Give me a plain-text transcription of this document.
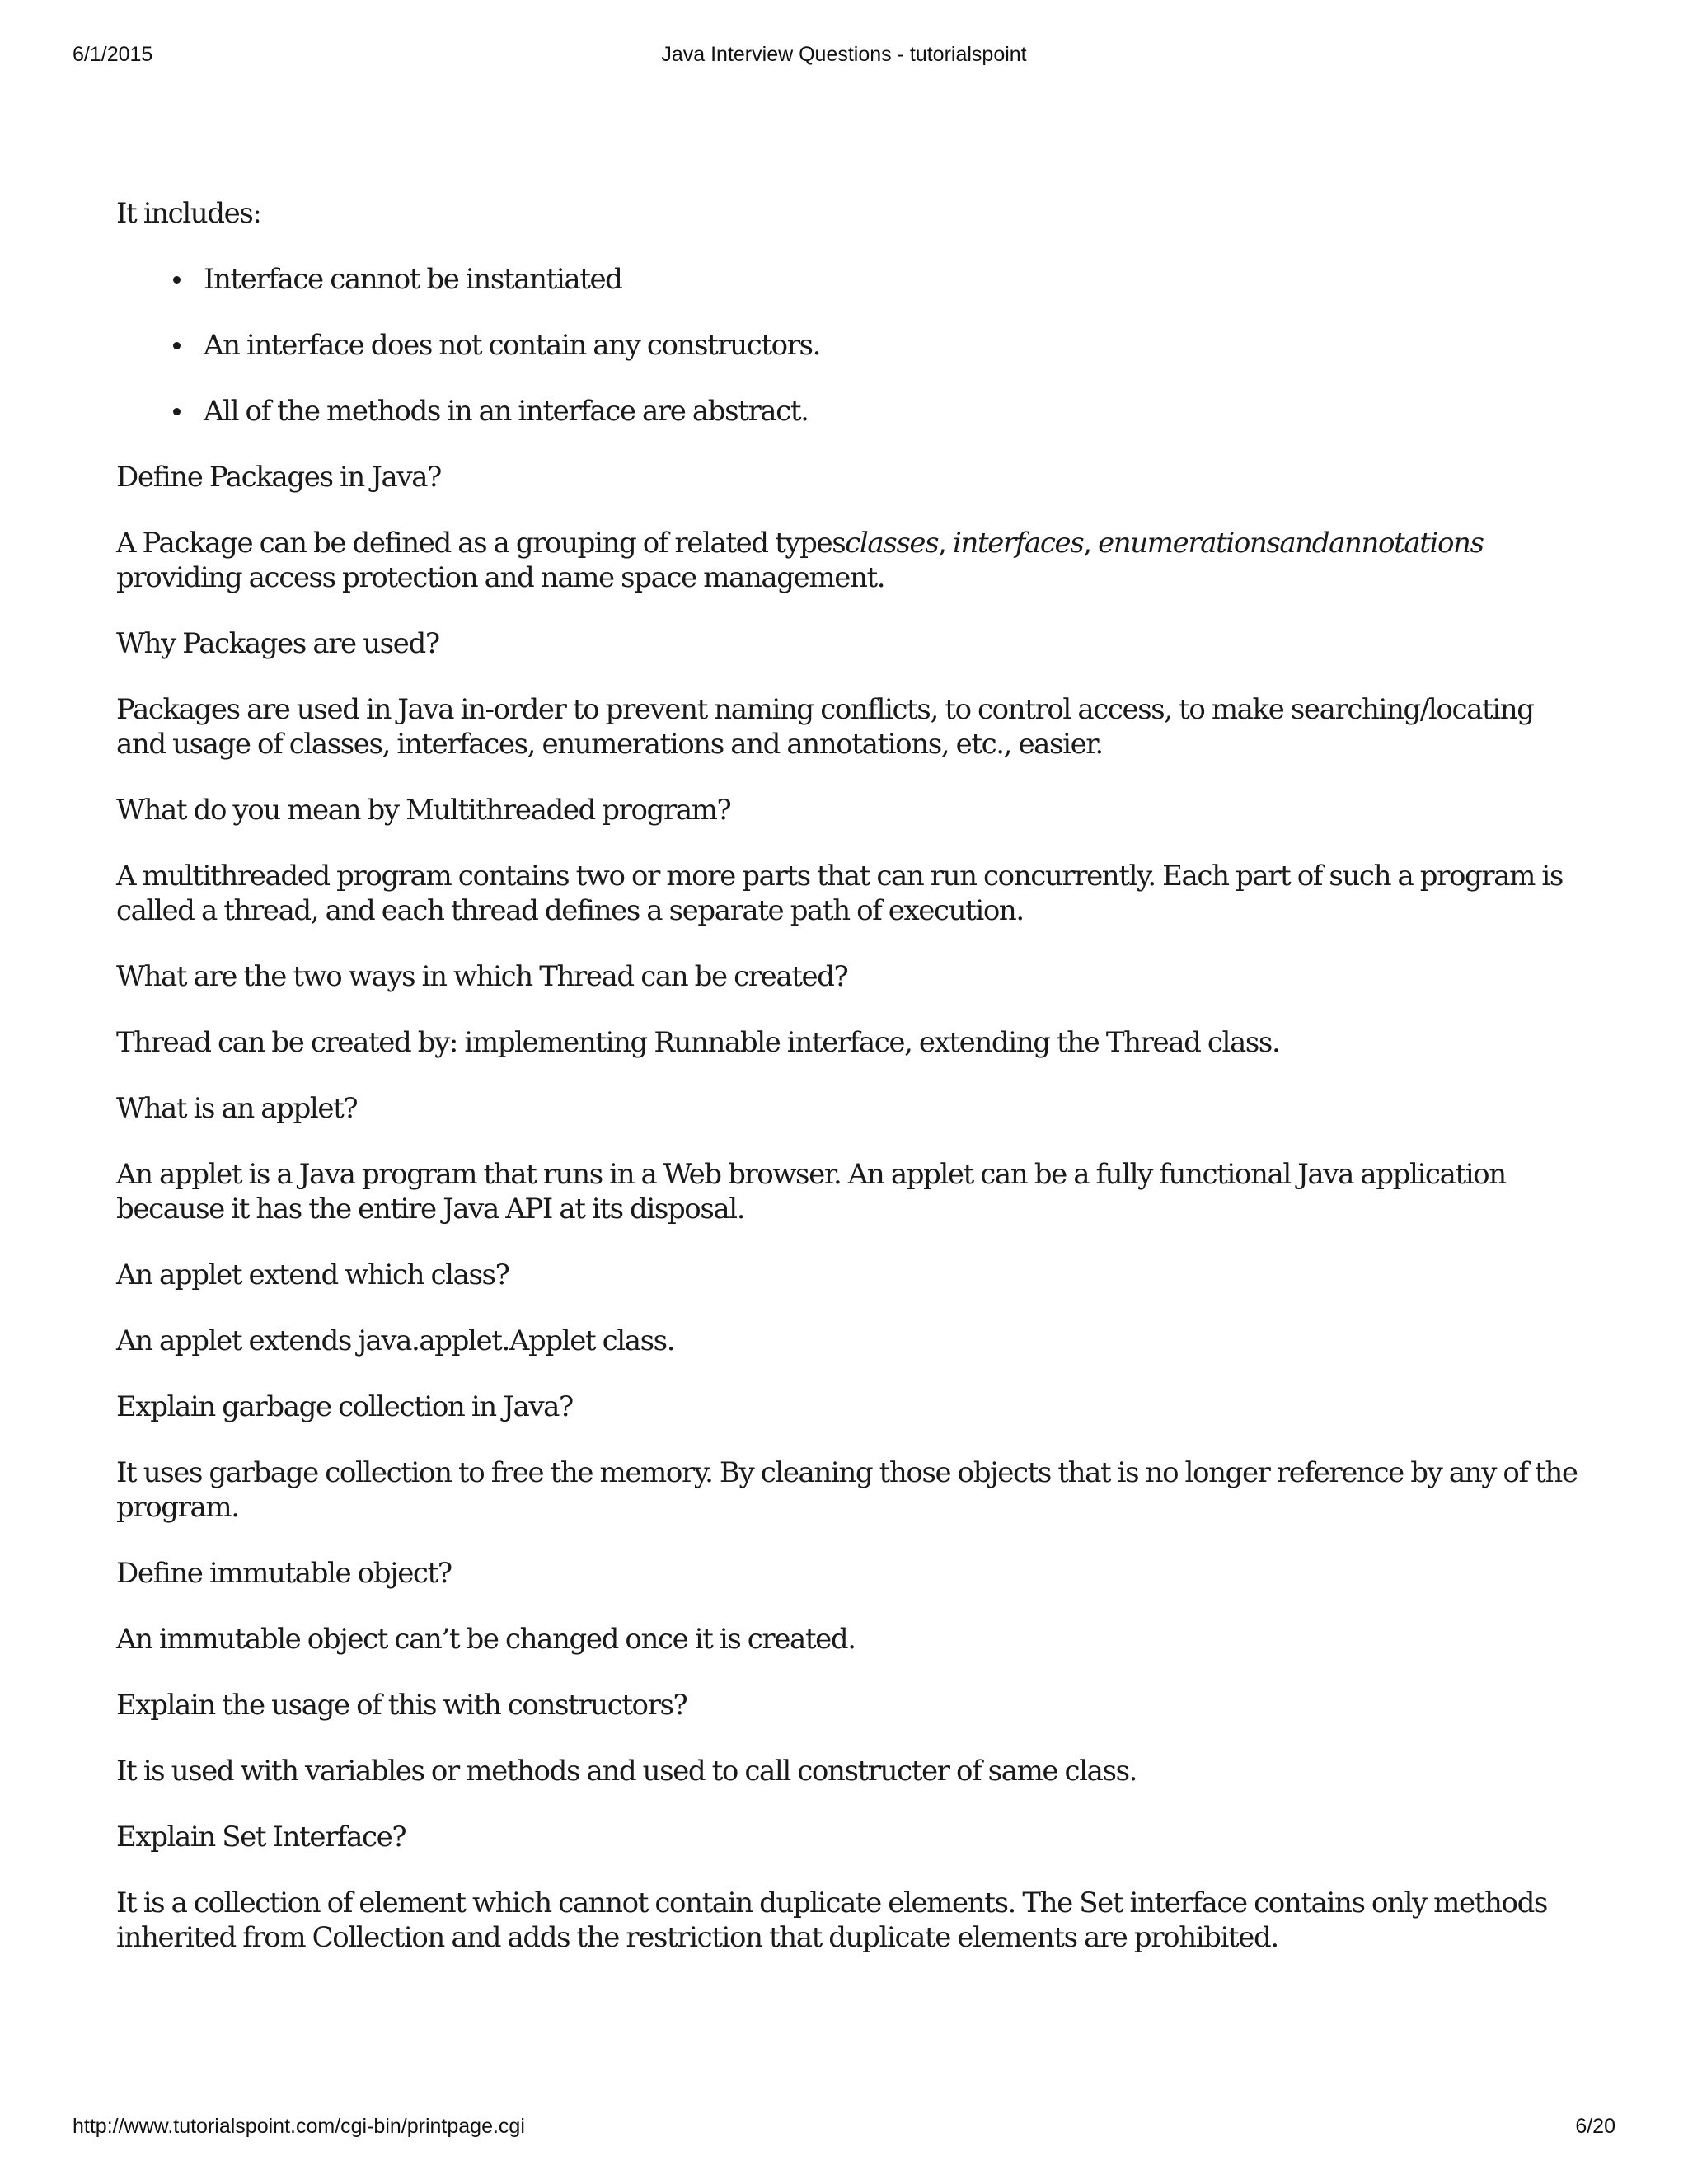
6/1/2015	Java Interview Questions - tutorialspoint

It includes:

Interface cannot be instantiated
An interface does not contain any constructors.
All of the methods in an interface are abstract.

Define Packages in Java?

A Package can be defined as a grouping of related typesclasses, interfaces, enumerationsandannotations
providing access protection and name space management.

Why Packages are used?

Packages are used in Java in-order to prevent naming conflicts, to control access, to make searching/locating and usage of classes, interfaces, enumerations and annotations, etc., easier.

What do you mean by Multithreaded program?

A multithreaded program contains two or more parts that can run concurrently. Each part of such a program is called a thread, and each thread defines a separate path of execution.

What are the two ways in which Thread can be created?

Thread can be created by: implementing Runnable interface, extending the Thread class.

What is an applet?

An applet is a Java program that runs in a Web browser. An applet can be a fully functional Java application because it has the entire Java API at its disposal.

An applet extend which class?

An applet extends java.applet.Applet class.

Explain garbage collection in Java?

It uses garbage collection to free the memory. By cleaning those objects that is no longer reference by any of the program.

Define immutable object?

An immutable object can’t be changed once it is created.

Explain the usage of this with constructors?

It is used with variables or methods and used to call constructer of same class.

Explain Set Interface?

It is a collection of element which cannot contain duplicate elements. The Set interface contains only methods inherited from Collection and adds the restriction that duplicate elements are prohibited.

http://www.tutorialspoint.com/cgi-bin/printpage.cgi	6/20
